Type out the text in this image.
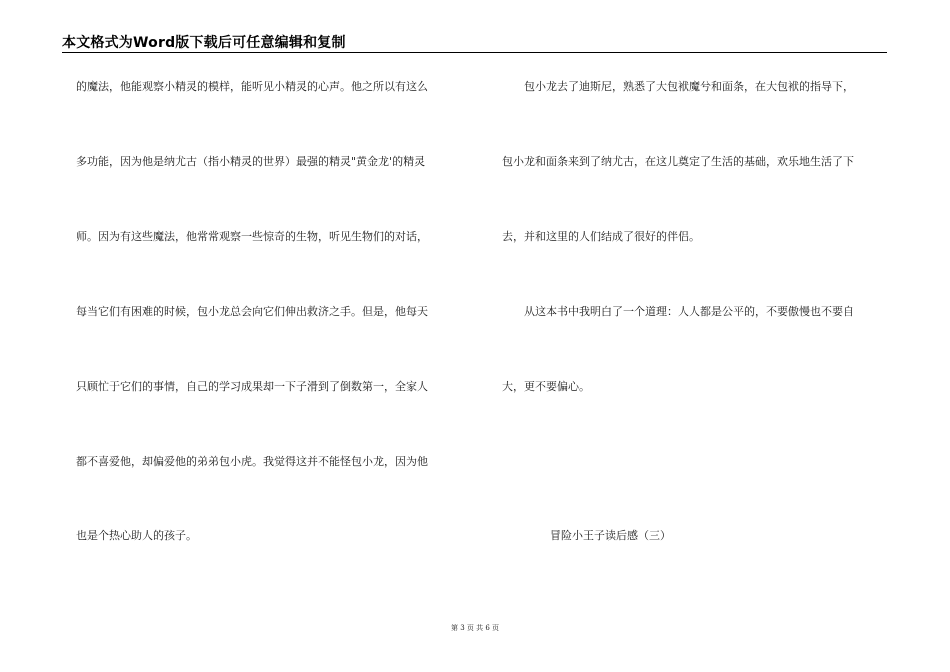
本文格式为Word版下载后可任意编辑和复制
的魔法，他能观察小精灵的模样，能听见小精灵的心声。他之所以有这么
多功能，因为他是纳尤古（指小精灵的世界）最强的精灵"黄金龙'的精灵
师。因为有这些魔法，他常常观察一些惊奇的生物，听见生物们的对话，
每当它们有困难的时候，包小龙总会向它们伸出救济之手。但是，他每天
只顾忙于它们的事情，自己的学习成果却一下子滑到了倒数第一，全家人
都不喜爱他，却偏爱他的弟弟包小虎。我觉得这并不能怪包小龙，因为他
也是个热心助人的孩子。
包小龙去了迪斯尼，熟悉了大包袱魔兮和面条，在大包袱的指导下，
包小龙和面条来到了纳尤古，在这儿奠定了生活的基础，欢乐地生活了下
去，并和这里的人们结成了很好的伴侣。
从这本书中我明白了一个道理：人人都是公平的，不要傲慢也不要自
大，更不要偏心。
冒险小王子读后感（三）
第 3 页 共 6 页
